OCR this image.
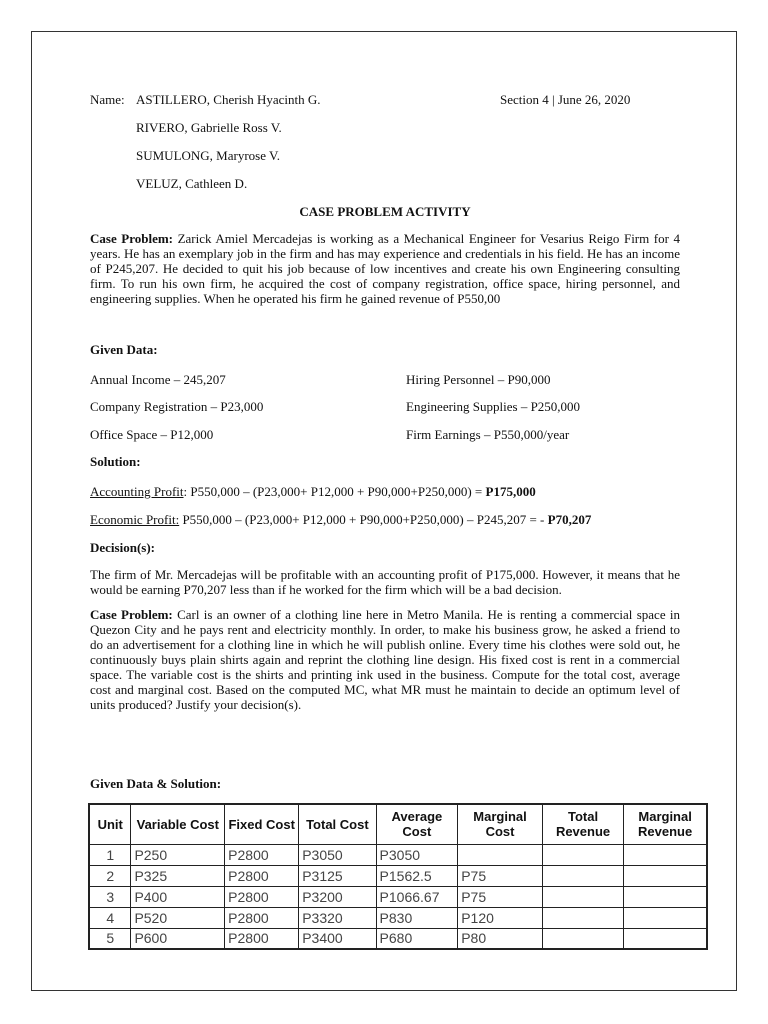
Name: ASTILLERO, Cherish Hyacinth G.
RIVERO, Gabrielle Ross V.
SUMULONG, Maryrose V.
VELUZ, Cathleen D.
Section 4 | June 26, 2020
CASE PROBLEM ACTIVITY
Case Problem: Zarick Amiel Mercadejas is working as a Mechanical Engineer for Vesarius Reigo Firm for 4 years. He has an exemplary job in the firm and has may experience and credentials in his field. He has an income of P245,207. He decided to quit his job because of low incentives and create his own Engineering consulting firm. To run his own firm, he acquired the cost of company registration, office space, hiring personnel, and engineering supplies. When he operated his firm he gained revenue of P550,00
Given Data:
Annual Income – 245,207
Company Registration – P23,000
Office Space – P12,000
Hiring Personnel – P90,000
Engineering Supplies – P250,000
Firm Earnings – P550,000/year
Solution:
Accounting Profit: P550,000 – (P23,000+ P12,000 + P90,000+P250,000) = P175,000
Economic Profit: P550,000 – (P23,000+ P12,000 + P90,000+P250,000) – P245,207 = - P70,207
Decision(s):
The firm of Mr. Mercadejas will be profitable with an accounting profit of P175,000. However, it means that he would be earning P70,207 less than if he worked for the firm which will be a bad decision.
Case Problem: Carl is an owner of a clothing line here in Metro Manila. He is renting a commercial space in Quezon City and he pays rent and electricity monthly. In order, to make his business grow, he asked a friend to do an advertisement for a clothing line in which he will publish online. Every time his clothes were sold out, he continuously buys plain shirts again and reprint the clothing line design. His fixed cost is rent in a commercial space. The variable cost is the shirts and printing ink used in the business. Compute for the total cost, average cost and marginal cost. Based on the computed MC, what MR must he maintain to decide an optimum level of units produced? Justify your decision(s).
Given Data & Solution:
Unit	Variable Cost	Fixed Cost	Total Cost	Average Cost	Marginal Cost	Total Revenue	Marginal Revenue
1	P250	P2800	P3050	P3050			
2	P325	P2800	P3125	P1562.5	P75		
3	P400	P2800	P3200	P1066.67	P75		
4	P520	P2800	P3320	P830	P120		
5	P600	P2800	P3400	P680	P80		
